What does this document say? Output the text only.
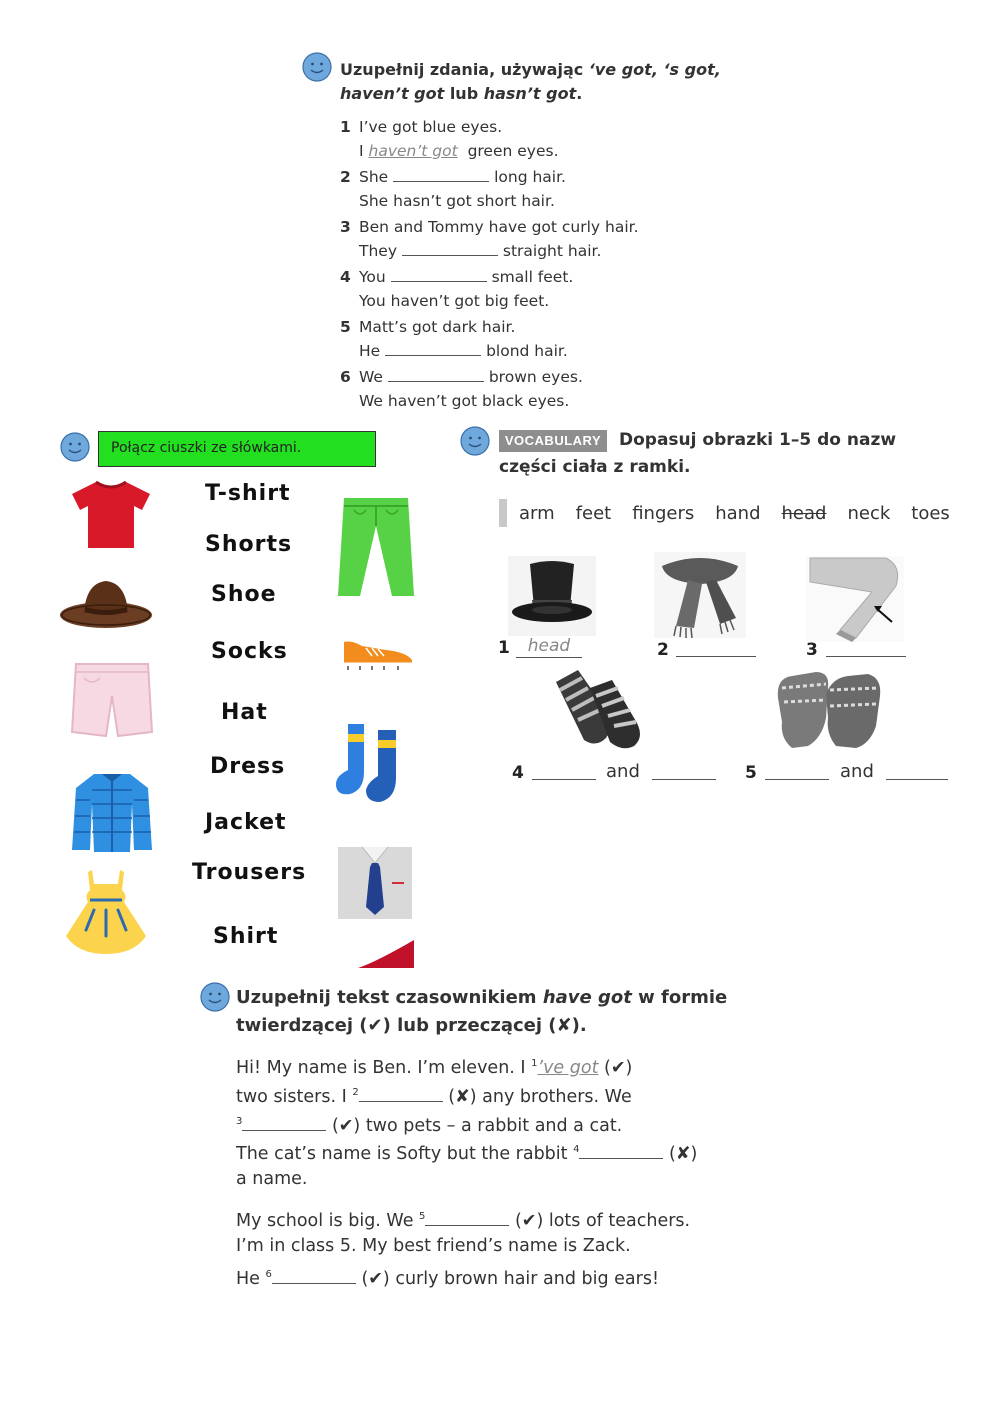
Uzupełnij zdania, używając ‘ve got, ‘s got,
haven’t got lub hasn’t got.
1 I’ve got blue eyes.
I haven’t got green eyes.
2 She	long hair.
She hasn’t got short hair.
3 Ben and Tommy have got curly hair.
They	straight hair.
4 You	small feet.
You haven’t got big feet.
5 Matt’s got dark hair.
He	blond hair.
6 We	brown eyes.
We haven’t got black eyes.
Połącz ciuszki ze słówkami.
T-shirt
Shorts
Shoe
Socks
Hat
Dress
Jacket
Trousers
Shirt
VOCABULARY	Dopasuj obrazki 1–5 do nazw
części ciała z ramki.
arm feet fingers hand head neck toes
1	head	2	3
4	and	5	and
Uzupełnij tekst czasownikiem have got w formie
twierdzącej (✔) lub przeczącej (✘).
Hi! My name is Ben. I’m eleven. I $^1$’ve got (✔)
two sisters. I $^2$	(✘) any brothers. We
$^3$	(✔) two pets – a rabbit and a cat.
The cat’s name is Softy but the rabbit $^4$	(✘)
a name.
My school is big. We $^5$	(✔) lots of teachers.
I’m in class 5. My best friend’s name is Zack.
He $^6$	(✔) curly brown hair and big ears!
